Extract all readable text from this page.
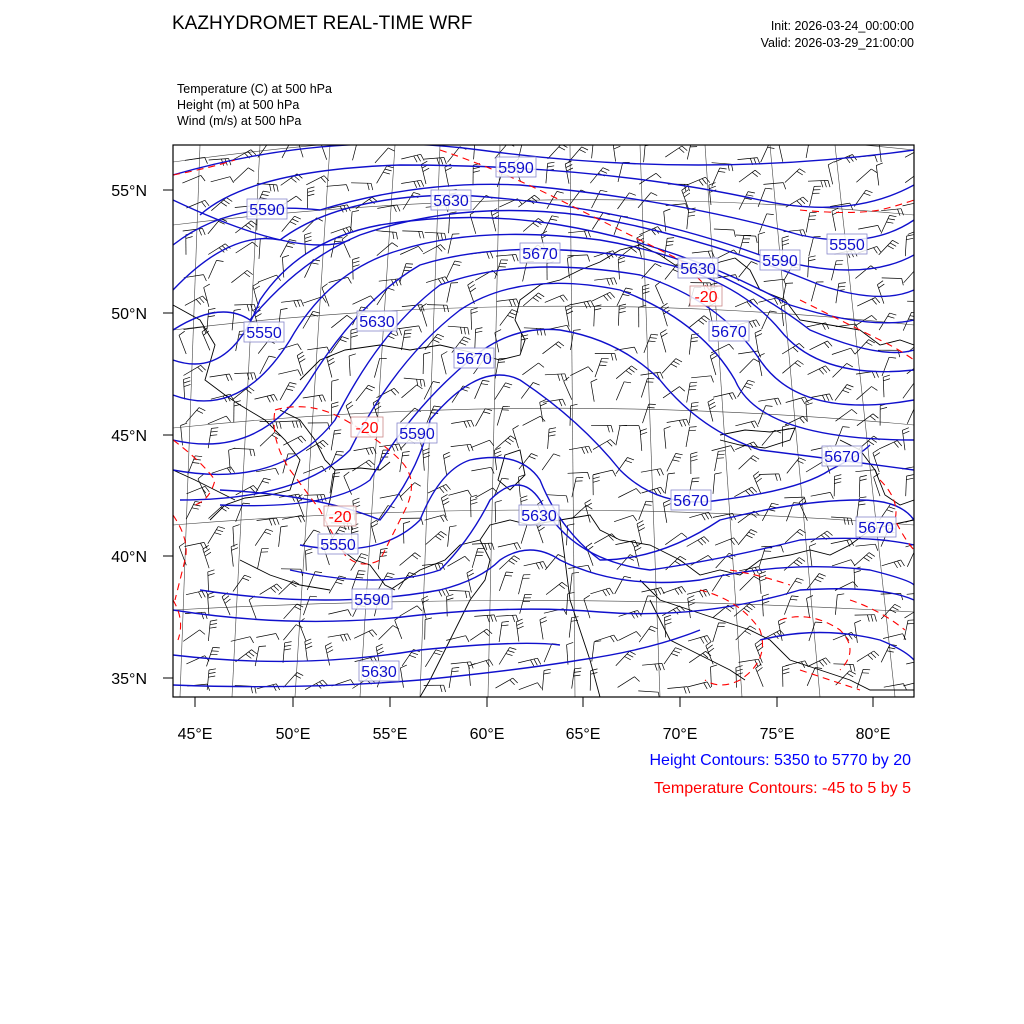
KAZHYDROMET REAL-TIME WRF	Init: 2026-03-24_00:00:00
Valid: 2026-03-29_21:00:00
Temperature (C) at 500 hPa
Height (m) at 500 hPa
Wind (m/s) at 500 hPa
55°N
50°N
45°N
40°N
35°N
45°E	50°E	55°E	60°E	65°E	70°E	75°E	80°E
5590
5590
5630
5670
5630	5590
5550
5550
5630
5670
5670
5590
5630
5670
5550
5590
5630
5670
5670
-20
-20
-20
Height Contours: 5350 to 5770 by 20
Temperature Contours: -45 to 5 by 5
